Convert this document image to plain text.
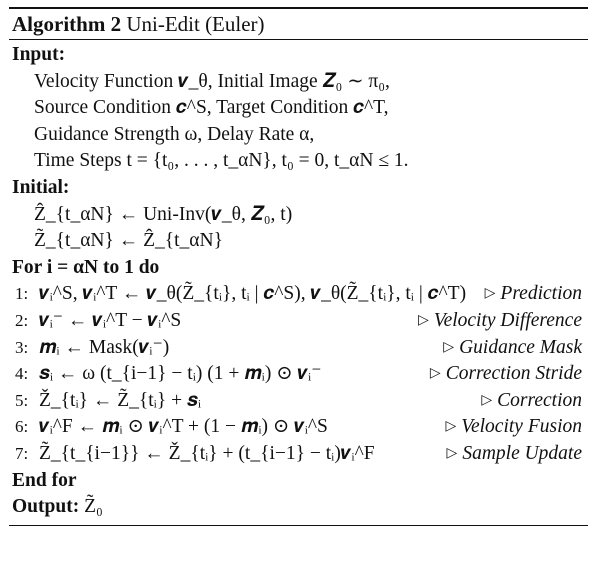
Algorithm 2 Uni-Edit (Euler)
Input:
Velocity Function 𝒗_θ, Initial Image 𝒁₀ ∼ π₀,
Source Condition 𝒄^S, Target Condition 𝒄^T,
Guidance Strength ω, Delay Rate α,
Time Steps t = {t₀, . . . , t_αN}, t₀ = 0, t_αN ≤ 1.
Initial:
Ẑ_{t_αN} ← Uni-Inv(𝒗_θ, 𝒁₀, t)
Z̃_{t_αN} ← Ẑ_{t_αN}
For i = αN to 1 do
1: 𝒗ᵢ^S, 𝒗ᵢ^T ← 𝒗_θ(Z̃_{tᵢ}, tᵢ | 𝒄^S), 𝒗_θ(Z̃_{tᵢ}, tᵢ | 𝒄^T) ▷ Prediction
2: 𝒗ᵢ⁻ ← 𝒗ᵢ^T − 𝒗ᵢ^S	▷ Velocity Difference
3: 𝒎ᵢ ← Mask(𝒗ᵢ⁻)	▷ Guidance Mask
4: 𝒔ᵢ ← ω (t_{i−1} − tᵢ) (1 + 𝒎ᵢ) ⊙ 𝒗ᵢ⁻	▷ Correction Stride
5: Ž_{tᵢ} ← Z̃_{tᵢ} + 𝒔ᵢ	▷ Correction
6: 𝒗ᵢ^F ← 𝒎ᵢ ⊙ 𝒗ᵢ^T + (1 − 𝒎ᵢ) ⊙ 𝒗ᵢ^S	▷ Velocity Fusion
7: Z̃_{t_{i−1}} ← Ž_{tᵢ} + (t_{i−1} − tᵢ)𝒗ᵢ^F	▷ Sample Update
End for
Output: Z̃₀
